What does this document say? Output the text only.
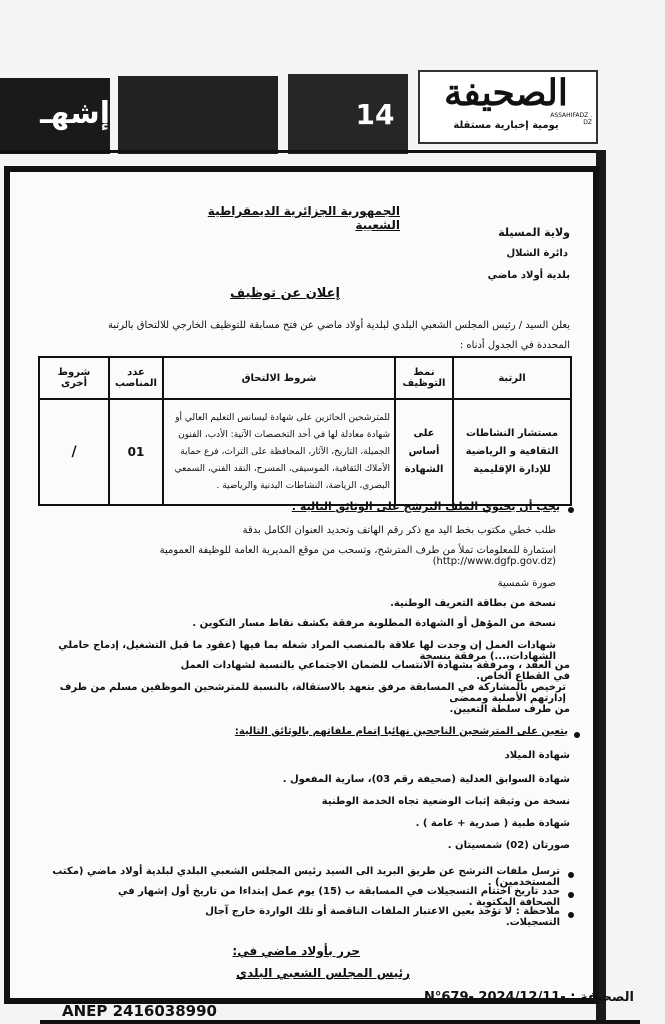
إشهـ	14
الصحيفة
ASSAHIFADZ . DZ
يومية إخبارية مستقلة
الجمهورية الجزائرية الديمقراطية الشعبية
ولاية المسيلة
دائرة الشلال
بلدية أولاد ماضي
إعلان عن توظيف
يعلن السيد / رئيس المجلس الشعبي البلدي لبلدية أولاد ماضي عن فتح مسابقة للتوظيف الخارجي للالتحاق بالرتبة
المحددة في الجدول أدناه :
الرتبة	نمط التوظيف	شروط الالتحاق	عدد المناصب	شروط أخرى
مستشار النشاطات الثقافية و الرياضية للإدارة الإقليمية	على أساس الشهادة	للمترشحين الحائزين على شهادة ليسانس التعليم العالي أو شهادة معادلة لها في أحد التخصصات الآتية: الأدب، الفنون الجميلة، التاريخ، الآثار، المحافظة على التراث، فرع حماية الأملاك الثقافية، الموسيقى، المسرح، النقد الفني، السمعي البصري، الرياضة، النشاطات البدنية والرياضية .	01	/
يجب أن يحتوي الملف الترشح على الوثائق التالية :
طلب خطي مكتوب بخط اليد مع ذكر رقم الهاتف وتحديد العنوان الكامل بدقة
استمارة للمعلومات تملأ من طرف المترشح، وتسحب من موقع المديرية العامة للوظيفة العمومية (http://www.dgfp.gov.dz)
صورة شمسية
نسخة من بطاقة التعريف الوطنية.
نسخة من المؤهل أو الشهادة المطلوبة مرفقة بكشف نقاط مسار التكوين .
شهادات العمل إن وجدت لها علاقة بالمنصب المراد شغله بما فيها (عقود ما قبل التشغيل، إدماج حاملي الشهادات،...) مرفقة بنسخة
من العقد ، ومرفقة بشهادة الانتساب للضمان الاجتماعي بالنسبة لشهادات العمل في القطاع الخاص.
ترخيص بالمشاركة في المسابقة مرفق بتعهد بالاستقالة، بالنسبة للمترشحين الموظفين مسلم من طرف إدارتهم الأصلية وممضى
من طرف سلطة التعيين.
يتعين على المترشحين الناجحين نهائيا إتمام ملفاتهم بالوثائق التالية:
شهادة الميلاد
شهادة السوابق العدلية (صحيفة رقم 03)، سارية المفعول .
نسخة من وثيقة إثبات الوضعية تجاه الخدمة الوطنية
شهادة طبية ( صدرية + عامة ) .
صورتان (02) شمسيتان .
ترسل ملفات الترشح عن طريق البريد الى السيد رئيس المجلس الشعبي البلدي لبلدية أولاد ماضي (مكتب المستخدمين) .
حدد تاريخ اختتام التسجيلات في المسابقة ب (15) يوم عمل إبتداءا من تاريخ أول إشهار في الصحافة المكتوبة .
ملاحظة : لا تؤخذ بعين الاعتبار الملفات الناقصة أو تلك الواردة خارج آجال التسجيلات.
حرر بأولاد ماضي في:
رئيس المجلس الشعبي البلدي
ANEP 2416038990
الصحيفة : -N°679- 2024/12/11
